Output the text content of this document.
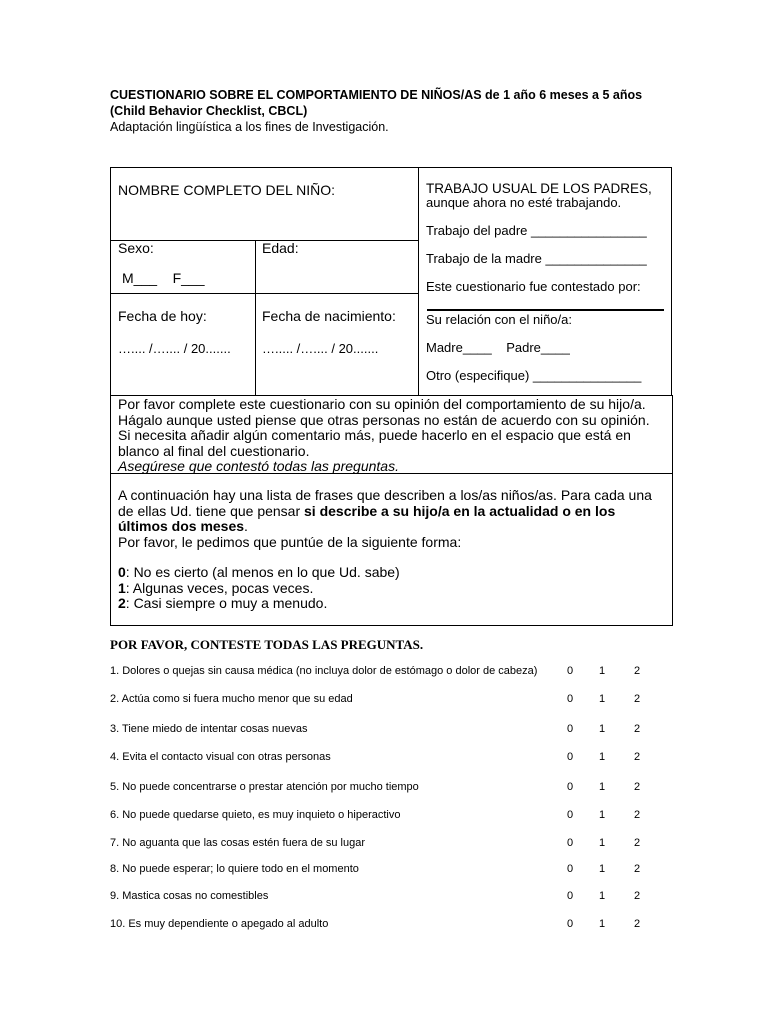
CUESTIONARIO SOBRE EL COMPORTAMIENTO DE NIÑOS/AS de 1 año 6 meses a 5 años
(Child Behavior Checklist, CBCL)
Adaptación lingüística a los fines de Investigación.
NOMBRE COMPLETO DEL NIÑO:
Sexo:
M___    F___
Edad:
Fecha de hoy:
….... /….... / 20.......
Fecha de nacimiento:
…..... /….... / 20.......
TRABAJO USUAL DE LOS PADRES,
aunque ahora no esté trabajando.
Trabajo del padre ________________
Trabajo de la madre ______________
Este cuestionario fue contestado por:
Su relación con el niño/a:
Madre____    Padre____
Otro (especifique) _______________

Por favor complete este cuestionario con su opinión del comportamiento de su hijo/a.

Hágalo aunque usted piense que otras personas no están de acuerdo con su opinión.

Si necesita añadir algún comentario más, puede hacerlo en el espacio que está en

blanco al final del cuestionario.

Asegúrese que contestó todas las preguntas.

A continuación hay una lista de frases que describen a los/as niños/as. Para cada una

de ellas Ud. tiene que pensar si describe a su hijo/a en la actualidad o en los

últimos dos meses.

Por favor, le pedimos que puntúe de la siguiente forma:

0: No es cierto (al menos en lo que Ud. sabe)

1: Algunas veces, pocas veces.

2: Casi siempre o muy a menudo.

POR FAVOR, CONTESTE TODAS LAS PREGUNTAS.
1. Dolores o quejas sin causa médica (no incluya dolor de estómago o dolor de cabeza)	0 1	2
2. Actúa como si fuera mucho menor que su edad	0 1	2
3. Tiene miedo de intentar cosas nuevas	0 1	2
4. Evita el contacto visual con otras personas	0 1	2
5. No puede concentrarse o prestar atención por mucho tiempo	0 1	2
6. No puede quedarse quieto, es muy inquieto o hiperactivo	0 1	2
7. No aguanta que las cosas estén fuera de su lugar	0 1	2
8. No puede esperar; lo quiere todo en el momento	0 1	2
9. Mastica cosas no comestibles	0 1	2
10. Es muy dependiente o apegado al adulto	0 1	2
